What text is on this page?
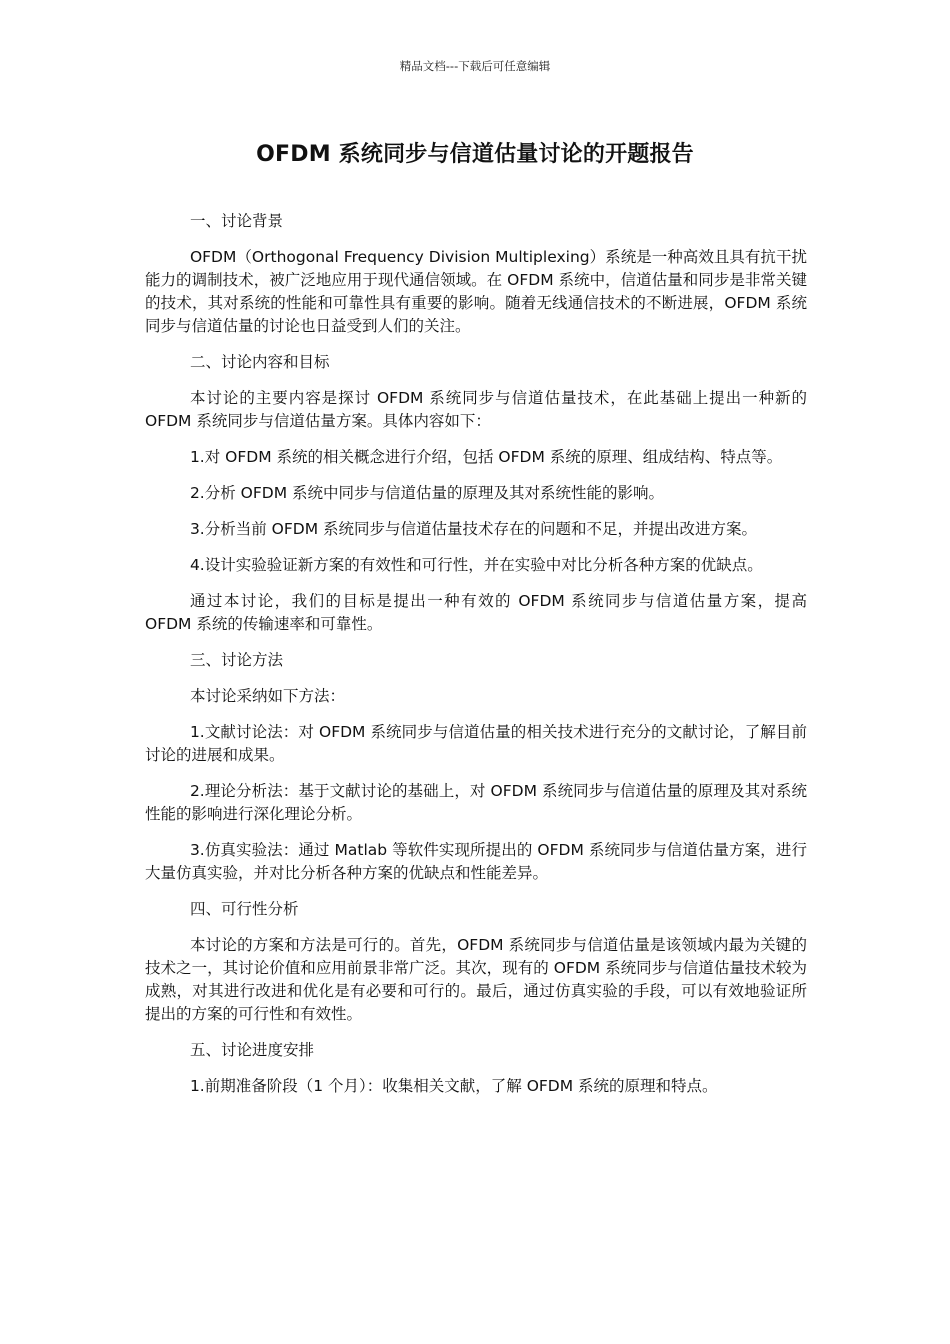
精品文档---下载后可任意编辑
OFDM 系统同步与信道估量讨论的开题报告

一、讨论背景

OFDM（Orthogonal Frequency Division Multiplexing）系统是一种高效且具有抗干扰能力的调制技术，被广泛地应用于现代通信领域。在 OFDM 系统中，信道估量和同步是非常关键的技术，其对系统的性能和可靠性具有重要的影响。随着无线通信技术的不断进展，OFDM 系统同步与信道估量的讨论也日益受到人们的关注。

二、讨论内容和目标

本讨论的主要内容是探讨 OFDM 系统同步与信道估量技术，在此基础上提出一种新的 OFDM 系统同步与信道估量方案。具体内容如下：

1.对 OFDM 系统的相关概念进行介绍，包括 OFDM 系统的原理、组成结构、特点等。

2.分析 OFDM 系统中同步与信道估量的原理及其对系统性能的影响。

3.分析当前 OFDM 系统同步与信道估量技术存在的问题和不足，并提出改进方案。

4.设计实验验证新方案的有效性和可行性，并在实验中对比分析各种方案的优缺点。

通过本讨论，我们的目标是提出一种有效的 OFDM 系统同步与信道估量方案，提高 OFDM 系统的传输速率和可靠性。

三、讨论方法

本讨论采纳如下方法：

1.文献讨论法：对 OFDM 系统同步与信道估量的相关技术进行充分的文献讨论，了解目前讨论的进展和成果。

2.理论分析法：基于文献讨论的基础上，对 OFDM 系统同步与信道估量的原理及其对系统性能的影响进行深化理论分析。

3.仿真实验法：通过 Matlab 等软件实现所提出的 OFDM 系统同步与信道估量方案，进行大量仿真实验，并对比分析各种方案的优缺点和性能差异。

四、可行性分析

本讨论的方案和方法是可行的。首先，OFDM 系统同步与信道估量是该领域内最为关键的技术之一，其讨论价值和应用前景非常广泛。其次，现有的 OFDM 系统同步与信道估量技术较为成熟，对其进行改进和优化是有必要和可行的。最后，通过仿真实验的手段，可以有效地验证所提出的方案的可行性和有效性。

五、讨论进度安排

1.前期准备阶段（1 个月）：收集相关文献，了解 OFDM 系统的原理和特点。
